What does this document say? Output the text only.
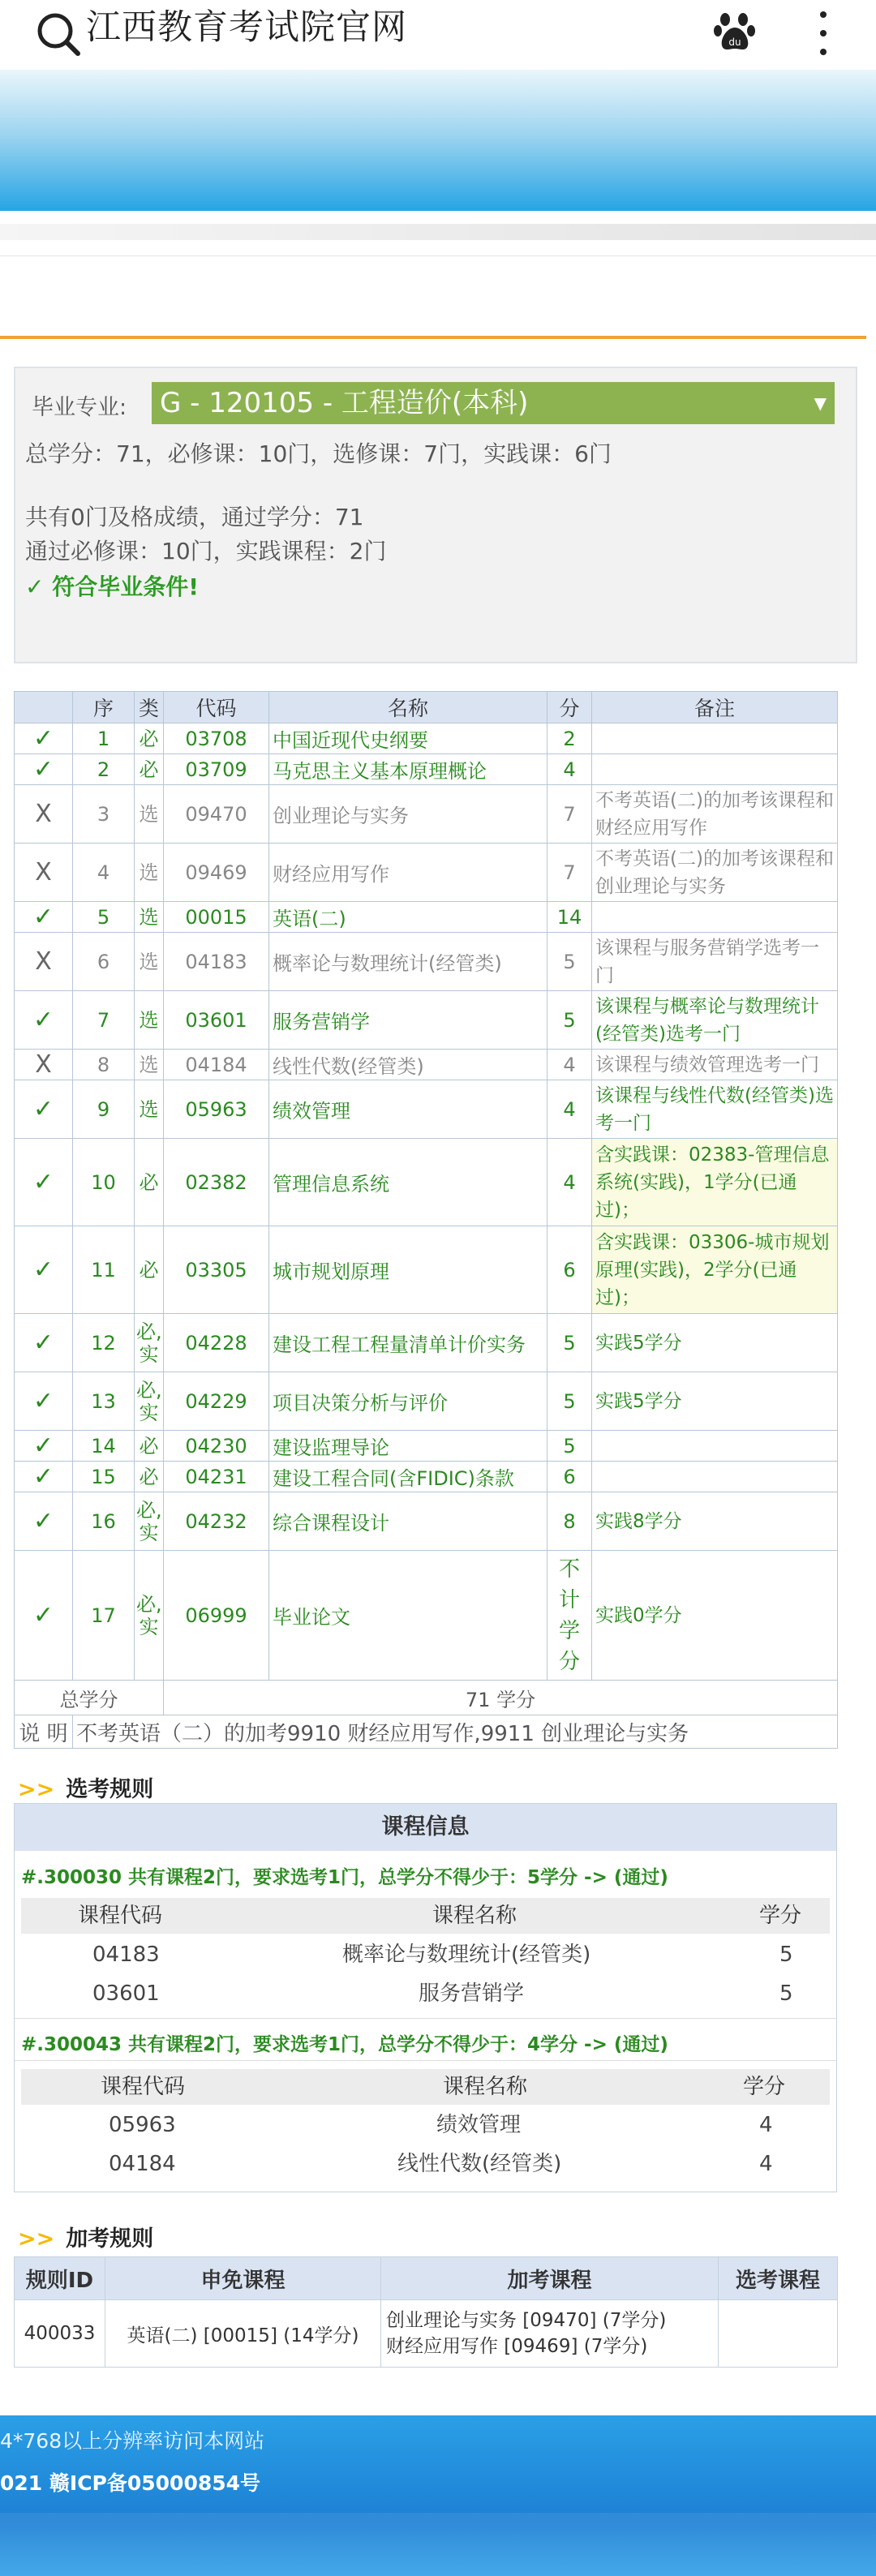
江西教育考试院官网	du
毕业专业: G - 120105 - 工程造价(本科)	▼
总学分：71，必修课：10门，选修课：7门，实践课：6门
共有0门及格成绩，通过学分：71
通过必修课：10门，实践课程：2门
✓ 符合毕业条件!
	序	类	代码	名称	分	备注
✓	1	必	03708	中国近现代史纲要	2	
✓	2	必	03709	马克思主义基本原理概论	4	
X	3	选	09470	创业理论与实务	7	不考英语(二)的加考该课程和财经应用写作
X	4	选	09469	财经应用写作	7	不考英语(二)的加考该课程和创业理论与实务
✓	5	选	00015	英语(二)	14	
X	6	选	04183	概率论与数理统计(经管类)	5	该课程与服务营销学选考一门
✓	7	选	03601	服务营销学	5	该课程与概率论与数理统计(经管类)选考一门
X	8	选	04184	线性代数(经管类)	4	该课程与绩效管理选考一门
✓	9	选	05963	绩效管理	4	该课程与线性代数(经管类)选考一门
✓	10	必	02382	管理信息系统	4	含实践课：02383-管理信息系统(实践)，1学分(已通过)；
✓	11	必	03305	城市规划原理	6	含实践课：03306-城市规划原理(实践)，2学分(已通过)；
✓	12	必,实	04228	建设工程工程量清单计价实务	5	实践5学分
✓	13	必,实	04229	项目决策分析与评价	5	实践5学分
✓	14	必	04230	建设监理导论	5	
✓	15	必	04231	建设工程合同(含FIDIC)条款	6	
✓	16	必,实	04232	综合课程设计	8	实践8学分
✓	17	必,实	06999	毕业论文	不计学分	实践0学分
总学分			71 学分			
说 明	不考英语（二）的加考9910 财经应用写作,9911 创业理论与实务					
>> 选考规则
课程信息
#.300030 共有课程2门，要求选考1门，总学分不得少于：5学分 -> (通过)
课程代码	课程名称	学分
04183	概率论与数理统计(经管类)	5
03601	服务营销学	5
#.300043 共有课程2门，要求选考1门，总学分不得少于：4学分 -> (通过)
课程代码	课程名称	学分
05963	绩效管理	4
04184	线性代数(经管类)	4
>> 加考规则
规则ID	申免课程	加考课程	选考课程
400033	英语(二) [00015] (14学分)	创业理论与实务 [09470] (7学分)
财经应用写作 [09469] (7学分)	

4*768以上分辨率访问本网站
021 赣ICP备05000854号
